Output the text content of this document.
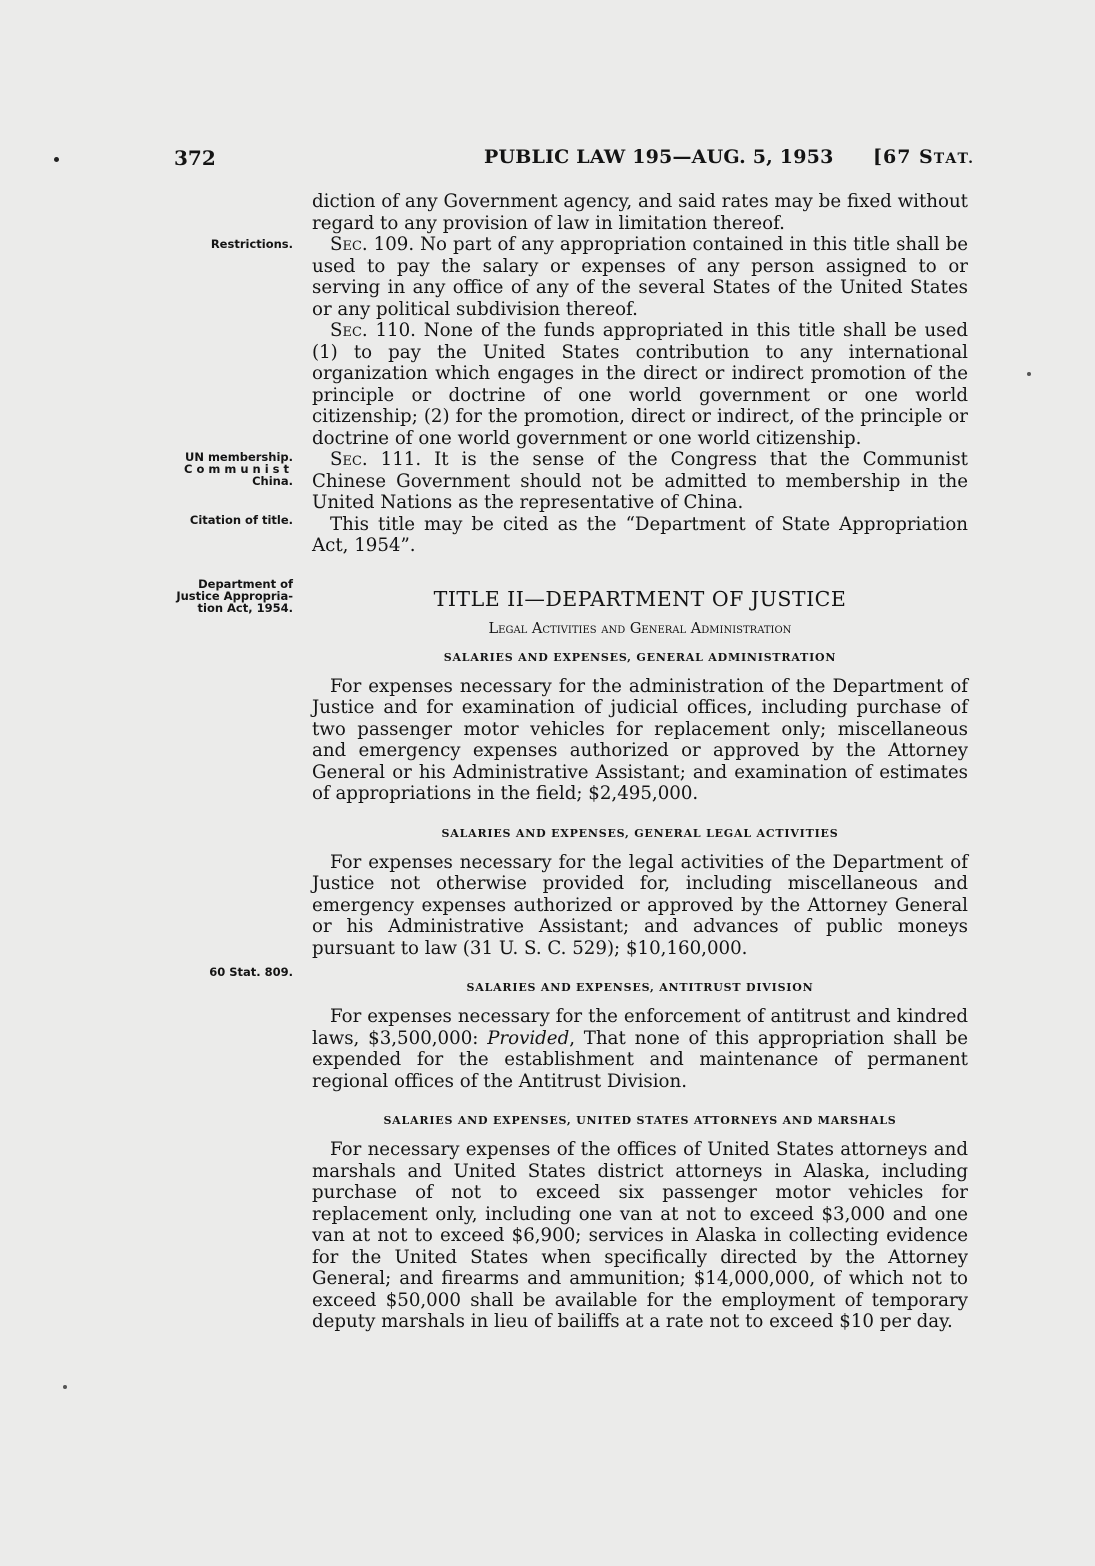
372	PUBLIC LAW 195—AUG. 5, 1953 [67 STAT.
Restrictions.
UN membership.
Communist
China.
Citation of title.
Department of
Justice Appropria-
tion Act, 1954.
60 Stat. 809.

diction of any Government agency, and said rates may be fixed without regard to any provision of law in limitation thereof.

Sec. 109. No part of any appropriation contained in this title shall be used to pay the salary or expenses of any person assigned to or serving in any office of any of the several States of the United States or any political subdivision thereof.

Sec. 110. None of the funds appropriated in this title shall be used (1) to pay the United States contribution to any international organization which engages in the direct or indirect promotion of the principle or doctrine of one world government or one world citizenship; (2) for the promotion, direct or indirect, of the principle or doctrine of one world government or one world citizenship.

Sec. 111. It is the sense of the Congress that the Communist Chinese Government should not be admitted to membership in the United Nations as the representative of China.

This title may be cited as the “Department of State Appropriation Act, 1954”.

TITLE II—DEPARTMENT OF JUSTICE
Legal Activities and General Administration
SALARIES AND EXPENSES, GENERAL ADMINISTRATION

For expenses necessary for the administration of the Department of Justice and for examination of judicial offices, including purchase of two passenger motor vehicles for replacement only; miscellaneous and emergency expenses authorized or approved by the Attorney General or his Administrative Assistant; and examination of estimates of appropriations in the field; $2,495,000.

SALARIES AND EXPENSES, GENERAL LEGAL ACTIVITIES

For expenses necessary for the legal activities of the Department of Justice not otherwise provided for, including miscellaneous and emergency expenses authorized or approved by the Attorney General or his Administrative Assistant; and advances of public moneys pursuant to law (31 U. S. C. 529); $10,160,000.

SALARIES AND EXPENSES, ANTITRUST DIVISION

For expenses necessary for the enforcement of antitrust and kindred laws, $3,500,000: Provided, That none of this appropriation shall be expended for the establishment and maintenance of permanent regional offices of the Antitrust Division.

SALARIES AND EXPENSES, UNITED STATES ATTORNEYS AND MARSHALS

For necessary expenses of the offices of United States attorneys and marshals and United States district attorneys in Alaska, including purchase of not to exceed six passenger motor vehicles for replacement only, including one van at not to exceed $3,000 and one van at not to exceed $6,900; services in Alaska in collecting evidence for the United States when specifically directed by the Attorney General; and firearms and ammunition; $14,000,000, of which not to exceed $50,000 shall be available for the employment of temporary deputy marshals in lieu of bailiffs at a rate not to exceed $10 per day.
